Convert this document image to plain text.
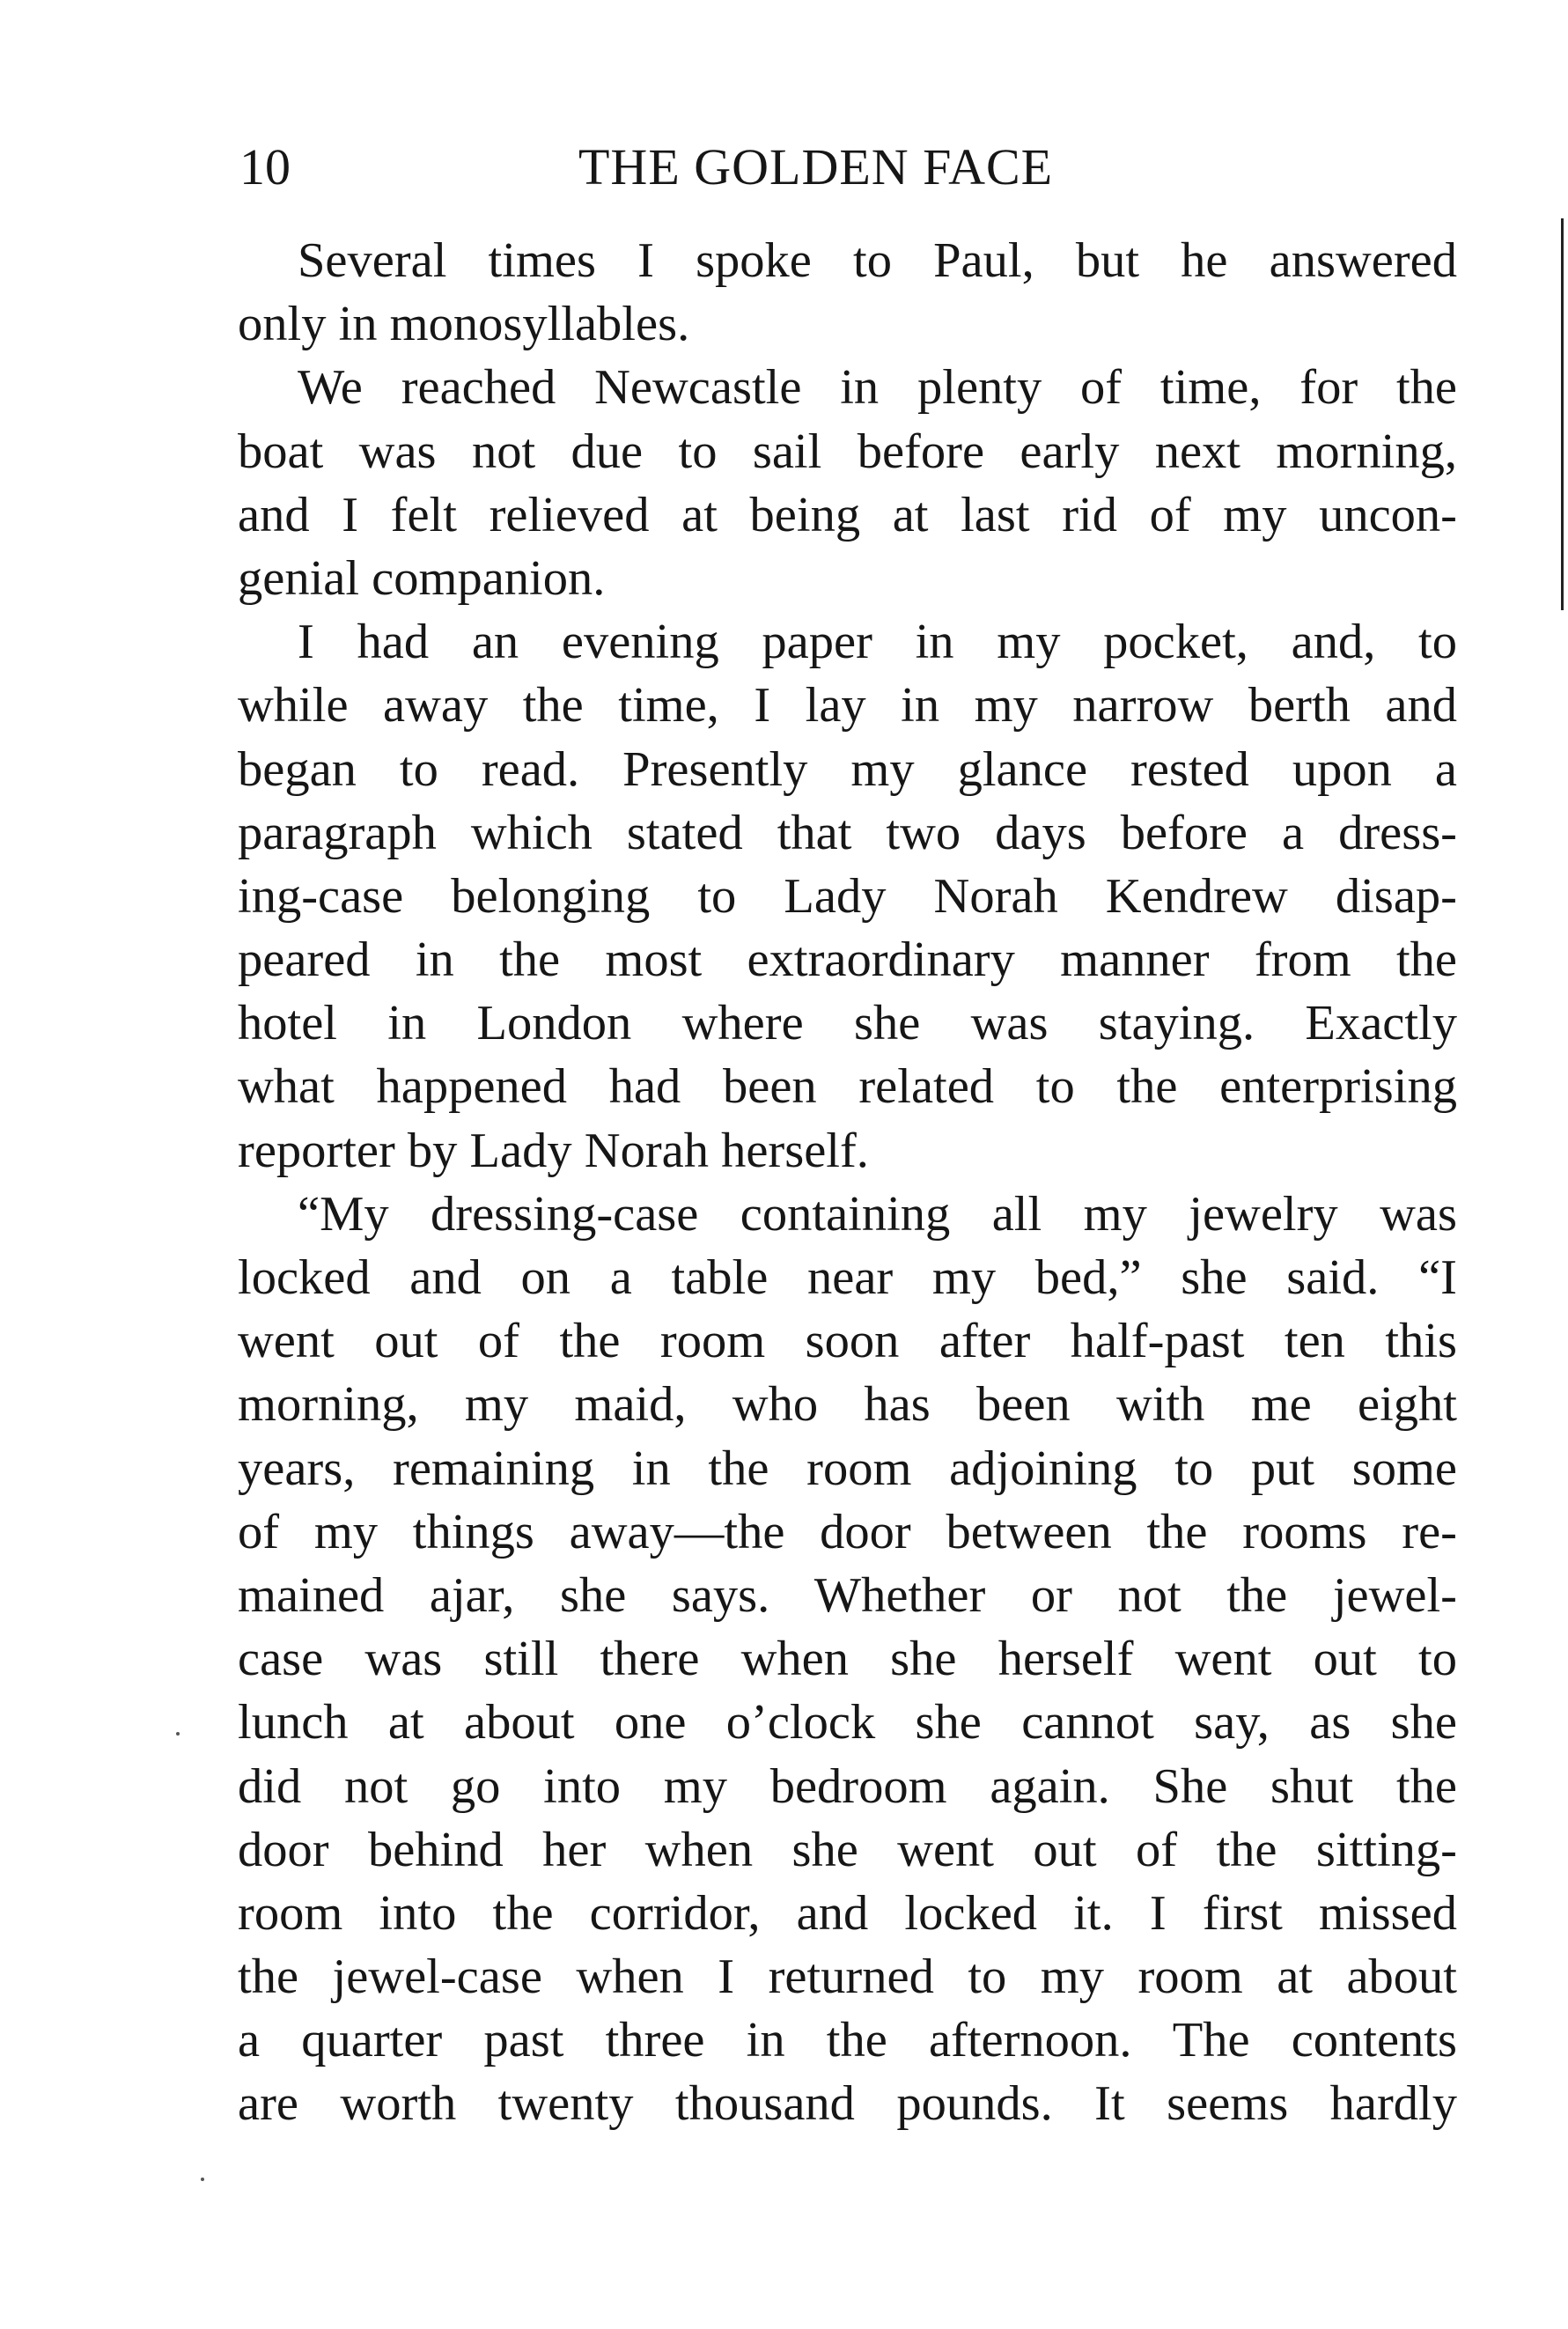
10	THE GOLDEN FACE
Several times I spoke to Paul, but he answered
only in monosyllables.
We reached Newcastle in plenty of time, for the
boat was not due to sail before early next morning,
and I felt relieved at being at last rid of my uncon-
genial companion.
I had an evening paper in my pocket, and, to
while away the time, I lay in my narrow berth and
began to read. Presently my glance rested upon a
paragraph which stated that two days before a dress-
ing-case belonging to Lady Norah Kendrew disap-
peared in the most extraordinary manner from the
hotel in London where she was staying. Exactly
what happened had been related to the enterprising
reporter by Lady Norah herself.
“My dressing-case containing all my jewelry was
locked and on a table near my bed,” she said. “I
went out of the room soon after half-past ten this
morning, my maid, who has been with me eight
years, remaining in the room adjoining to put some
of my things away—the door between the rooms re-
mained ajar, she says. Whether or not the jewel-
case was still there when she herself went out to
lunch at about one o’clock she cannot say, as she
did not go into my bedroom again. She shut the
door behind her when she went out of the sitting-
room into the corridor, and locked it. I first missed
the jewel-case when I returned to my room at about
a quarter past three in the afternoon. The contents
are worth twenty thousand pounds. It seems hardly
